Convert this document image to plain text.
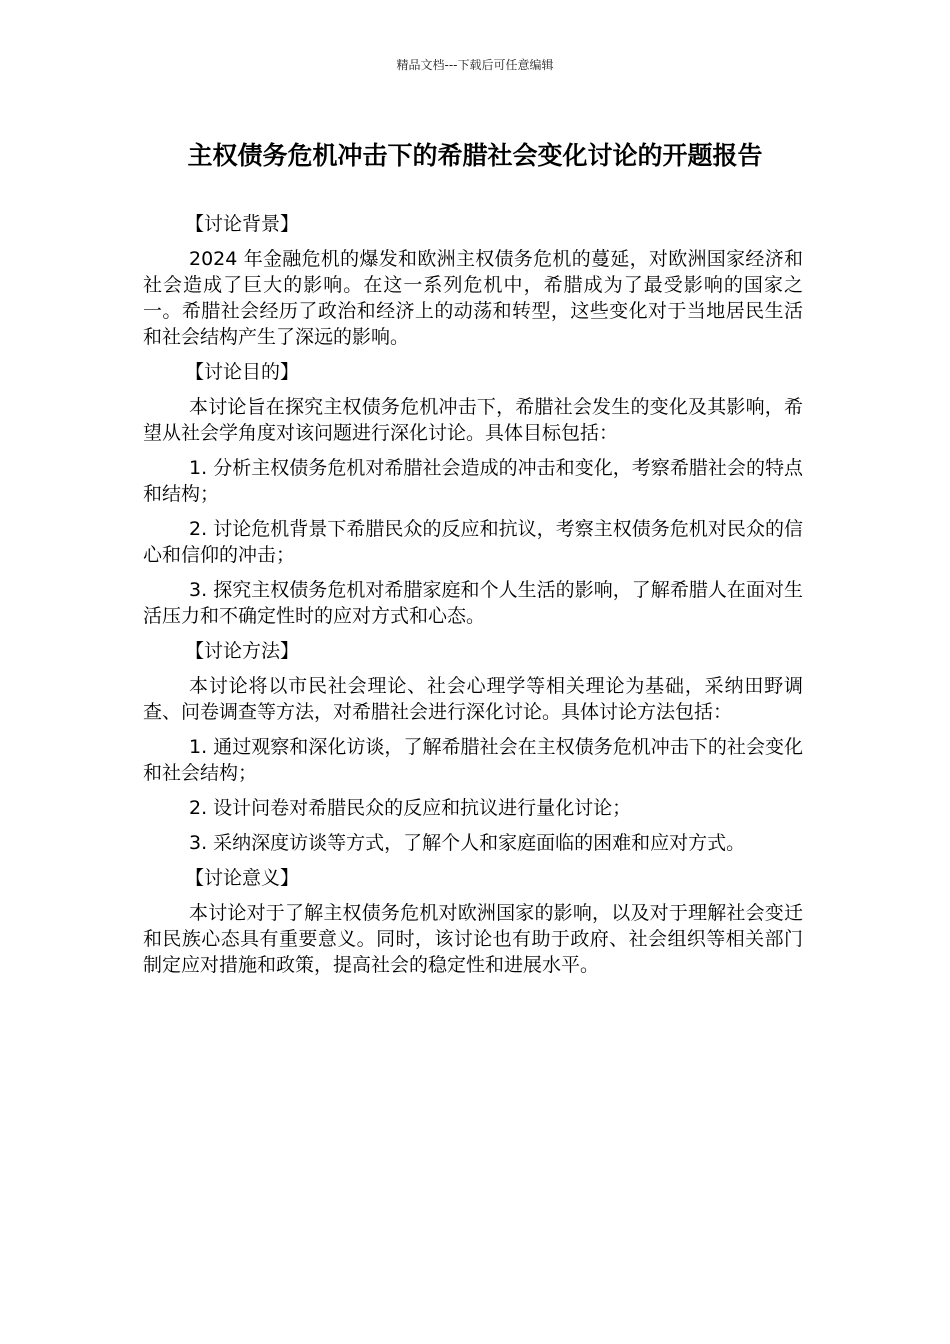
精品文档---下载后可任意编辑
主权债务危机冲击下的希腊社会变化讨论的开题报告

【讨论背景】

2024 年金融危机的爆发和欧洲主权债务危机的蔓延，对欧洲国家经济和社会造成了巨大的影响。在这一系列危机中，希腊成为了最受影响的国家之一。希腊社会经历了政治和经济上的动荡和转型，这些变化对于当地居民生活和社会结构产生了深远的影响。

【讨论目的】

本讨论旨在探究主权债务危机冲击下，希腊社会发生的变化及其影响，希望从社会学角度对该问题进行深化讨论。具体目标包括：

1. 分析主权债务危机对希腊社会造成的冲击和变化，考察希腊社会的特点和结构；

2. 讨论危机背景下希腊民众的反应和抗议，考察主权债务危机对民众的信心和信仰的冲击；

3. 探究主权债务危机对希腊家庭和个人生活的影响，了解希腊人在面对生活压力和不确定性时的应对方式和心态。

【讨论方法】

本讨论将以市民社会理论、社会心理学等相关理论为基础，采纳田野调查、问卷调查等方法，对希腊社会进行深化讨论。具体讨论方法包括：

1. 通过观察和深化访谈，了解希腊社会在主权债务危机冲击下的社会变化和社会结构；

2. 设计问卷对希腊民众的反应和抗议进行量化讨论；

3. 采纳深度访谈等方式，了解个人和家庭面临的困难和应对方式。

【讨论意义】

本讨论对于了解主权债务危机对欧洲国家的影响，以及对于理解社会变迁和民族心态具有重要意义。同时，该讨论也有助于政府、社会组织等相关部门制定应对措施和政策，提高社会的稳定性和进展水平。
